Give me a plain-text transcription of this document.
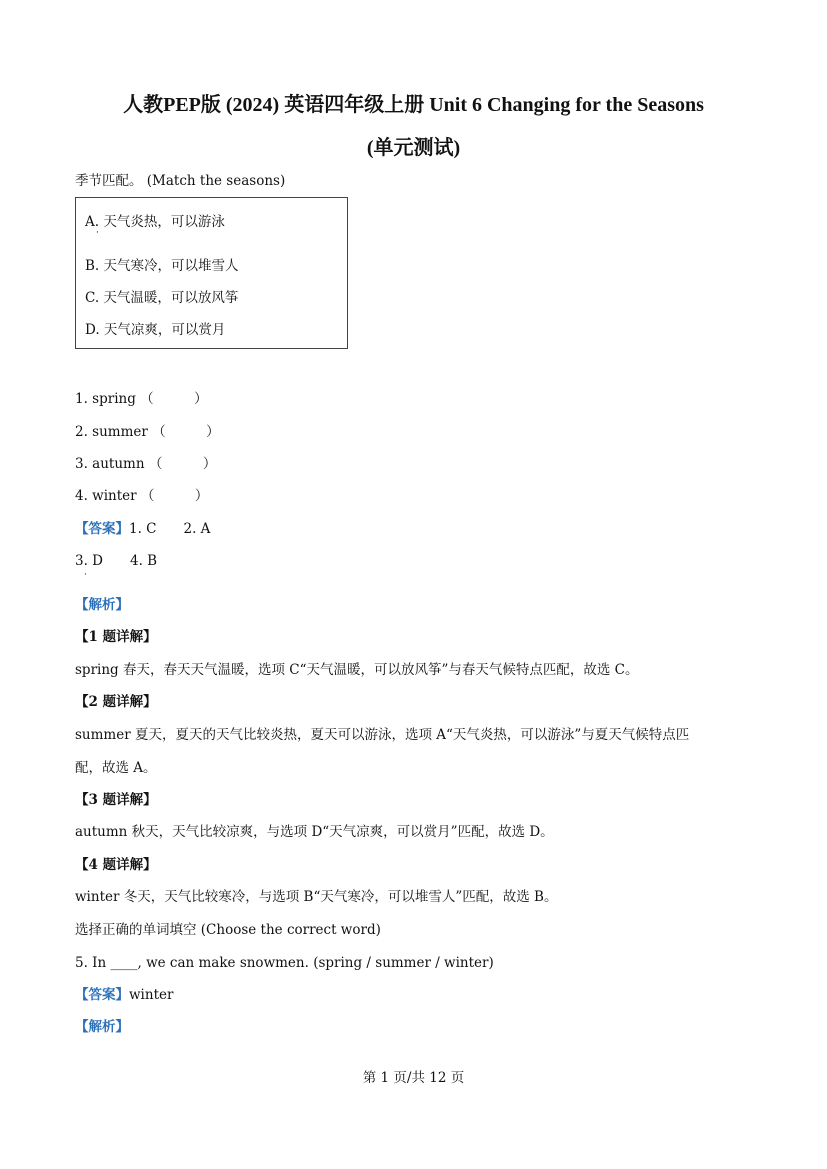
人教PEP版 (2024) 英语四年级上册 Unit 6 Changing for the Seasons
(单元测试)
季节匹配。 (Match the seasons)
A. 天气炎热，可以游泳
·
B. 天气寒冷，可以堆雪人
C. 天气温暖，可以放风筝
D. 天气凉爽，可以赏月
1. spring （　　　）
2. summer （　　　）
3. autumn （　　　）
4. winter （　　　）
【答案】1. C　　2. A
3. D　　4. B
·
【解析】
【1 题详解】
spring 春天，春天天气温暖，选项 C“天气温暖，可以放风筝”与春天气候特点匹配，故选 C。
【2 题详解】
summer 夏天，夏天的天气比较炎热，夏天可以游泳，选项 A“天气炎热，可以游泳”与夏天气候特点匹
配，故选 A。
【3 题详解】
autumn 秋天，天气比较凉爽，与选项 D“天气凉爽，可以赏月”匹配，故选 D。
【4 题详解】
winter 冬天，天气比较寒冷，与选项 B“天气寒冷，可以堆雪人”匹配，故选 B。
选择正确的单词填空 (Choose the correct word)
5. In ____, we can make snowmen. (spring / summer / winter)
【答案】winter
【解析】
第 1 页/共 12 页
